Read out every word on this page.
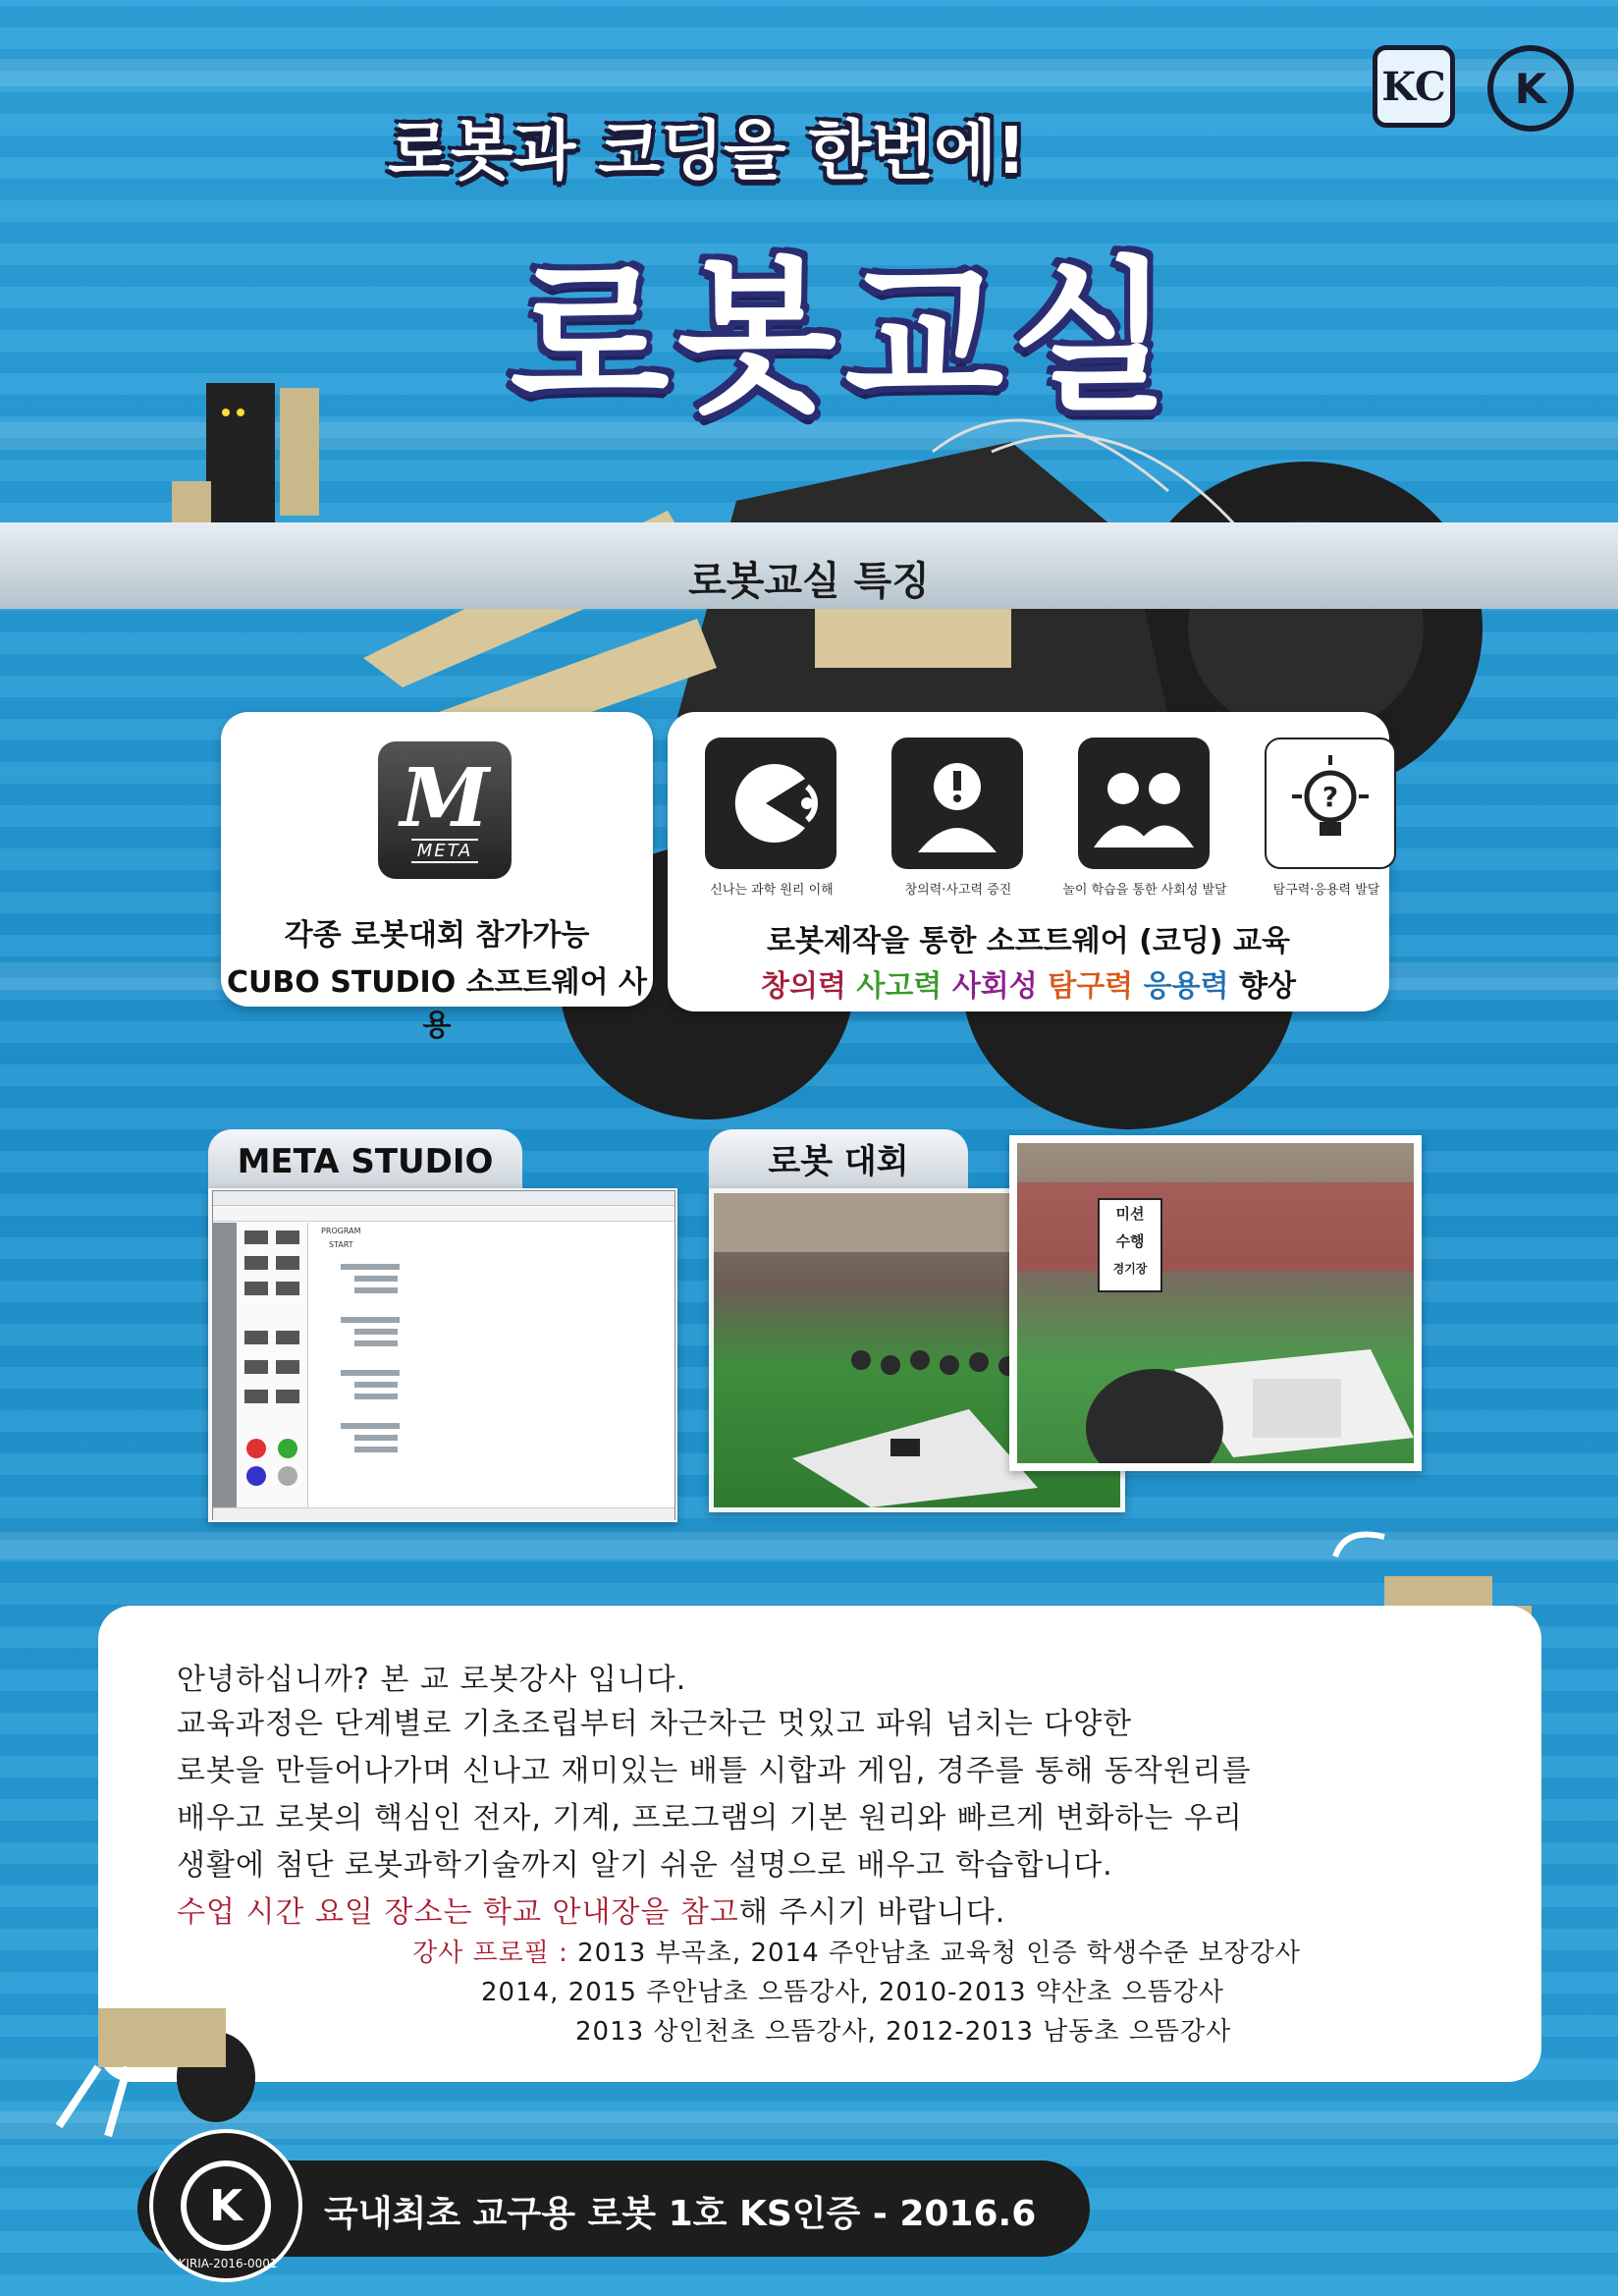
KC K
로봇과 코딩을 한번에!
로봇교실
로봇교실 특징
M
META
각종 로봇대회 참가가능
CUBO STUDIO 소프트웨어 사용
신나는 과학 원리 이해	창의력·사고력 증진	놀이 학습을 통한 사회성 발달
?
탐구력·응용력 발달
로봇제작을 통한 소프트웨어 (코딩) 교육
창의력 사고력 사회성 탐구력 응용력 향상
META STUDIO
PROGRAM
START
로봇 대회
미션
수행
경기장
안녕하십니까? 본 교 로봇강사 입니다.
교육과정은 단계별로 기초조립부터 차근차근 멋있고 파워 넘치는 다양한
로봇을 만들어나가며 신나고 재미있는 배틀 시합과 게임, 경주를 통해 동작원리를
배우고 로봇의 핵심인 전자, 기계, 프로그램의 기본 원리와 빠르게 변화하는 우리
생활에 첨단 로봇과학기술까지 알기 쉬운 설명으로 배우고 학습합니다.
수업 시간 요일 장소는 학교 안내장을 참고해 주시기 바랍니다.
강사 프로필 : 2013 부곡초, 2014 주안남초 교육청 인증 학생수준 보장강사
2014, 2015 주안남초 으뜸강사, 2010-2013 약산초 으뜸강사
2013 상인천초 으뜸강사, 2012-2013 남동초 으뜸강사
K
KIRIA-2016-0001
국내최초 교구용 로봇 1호 KS인증 - 2016.6
